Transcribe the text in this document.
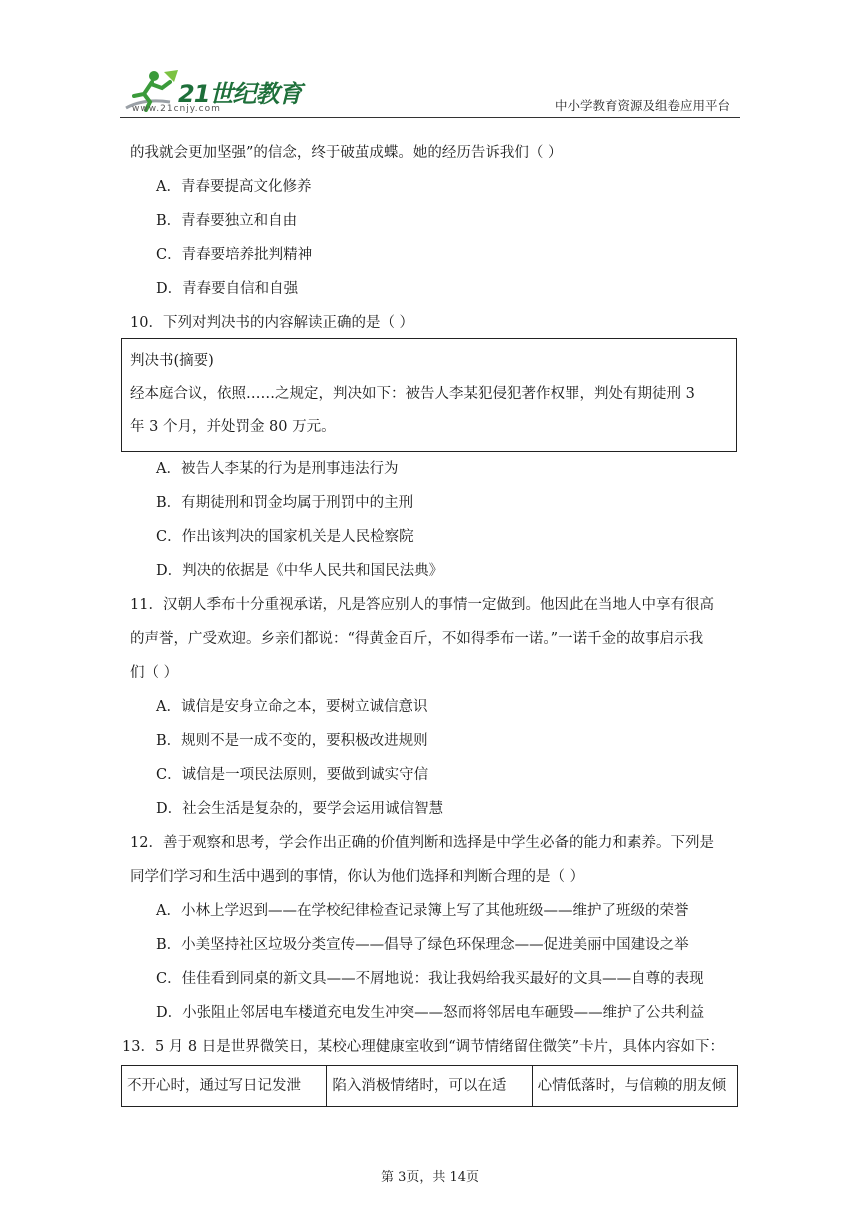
21世纪教育
www.21cnjy.com	中小学教育资源及组卷应用平台
的我就会更加坚强”的信念，终于破茧成蝶。她的经历告诉我们（ ）
A．青春要提高文化修养
B．青春要独立和自由
C．青春要培养批判精神
D．青春要自信和自强
10．下列对判决书的内容解读正确的是（ ）
判决书(摘要)
经本庭合议，依照……之规定，判决如下：被告人李某犯侵犯著作权罪，判处有期徒刑 3
年 3 个月，并处罚金 80 万元。
A．被告人李某的行为是刑事违法行为
B．有期徒刑和罚金均属于刑罚中的主刑
C．作出该判决的国家机关是人民检察院
D．判决的依据是《中华人民共和国民法典》
11．汉朝人季布十分重视承诺，凡是答应别人的事情一定做到。他因此在当地人中享有很高
的声誉，广受欢迎。乡亲们都说：“得黄金百斤，不如得季布一诺。”一诺千金的故事启示我
们（ ）
A．诚信是安身立命之本，要树立诚信意识
B．规则不是一成不变的，要积极改进规则
C．诚信是一项民法原则，要做到诚实守信
D．社会生活是复杂的，要学会运用诚信智慧
12．善于观察和思考，学会作出正确的价值判断和选择是中学生必备的能力和素养。下列是
同学们学习和生活中遇到的事情，你认为他们选择和判断合理的是（ ）
A．小林上学迟到——在学校纪律检查记录簿上写了其他班级——维护了班级的荣誉
B．小美坚持社区垃圾分类宣传——倡导了绿色环保理念——促进美丽中国建设之举
C．佳佳看到同桌的新文具——不屑地说：我让我妈给我买最好的文具——自尊的表现
D．小张阻止邻居电车楼道充电发生冲突——怒而将邻居电车砸毁——维护了公共利益
13．5 月 8 日是世界微笑日，某校心理健康室收到“调节情绪留住微笑”卡片，具体内容如下：
不开心时，通过写日记发泄	陷入消极情绪时，可以在适	心情低落时，与信赖的朋友倾
第 3页，共 14页
